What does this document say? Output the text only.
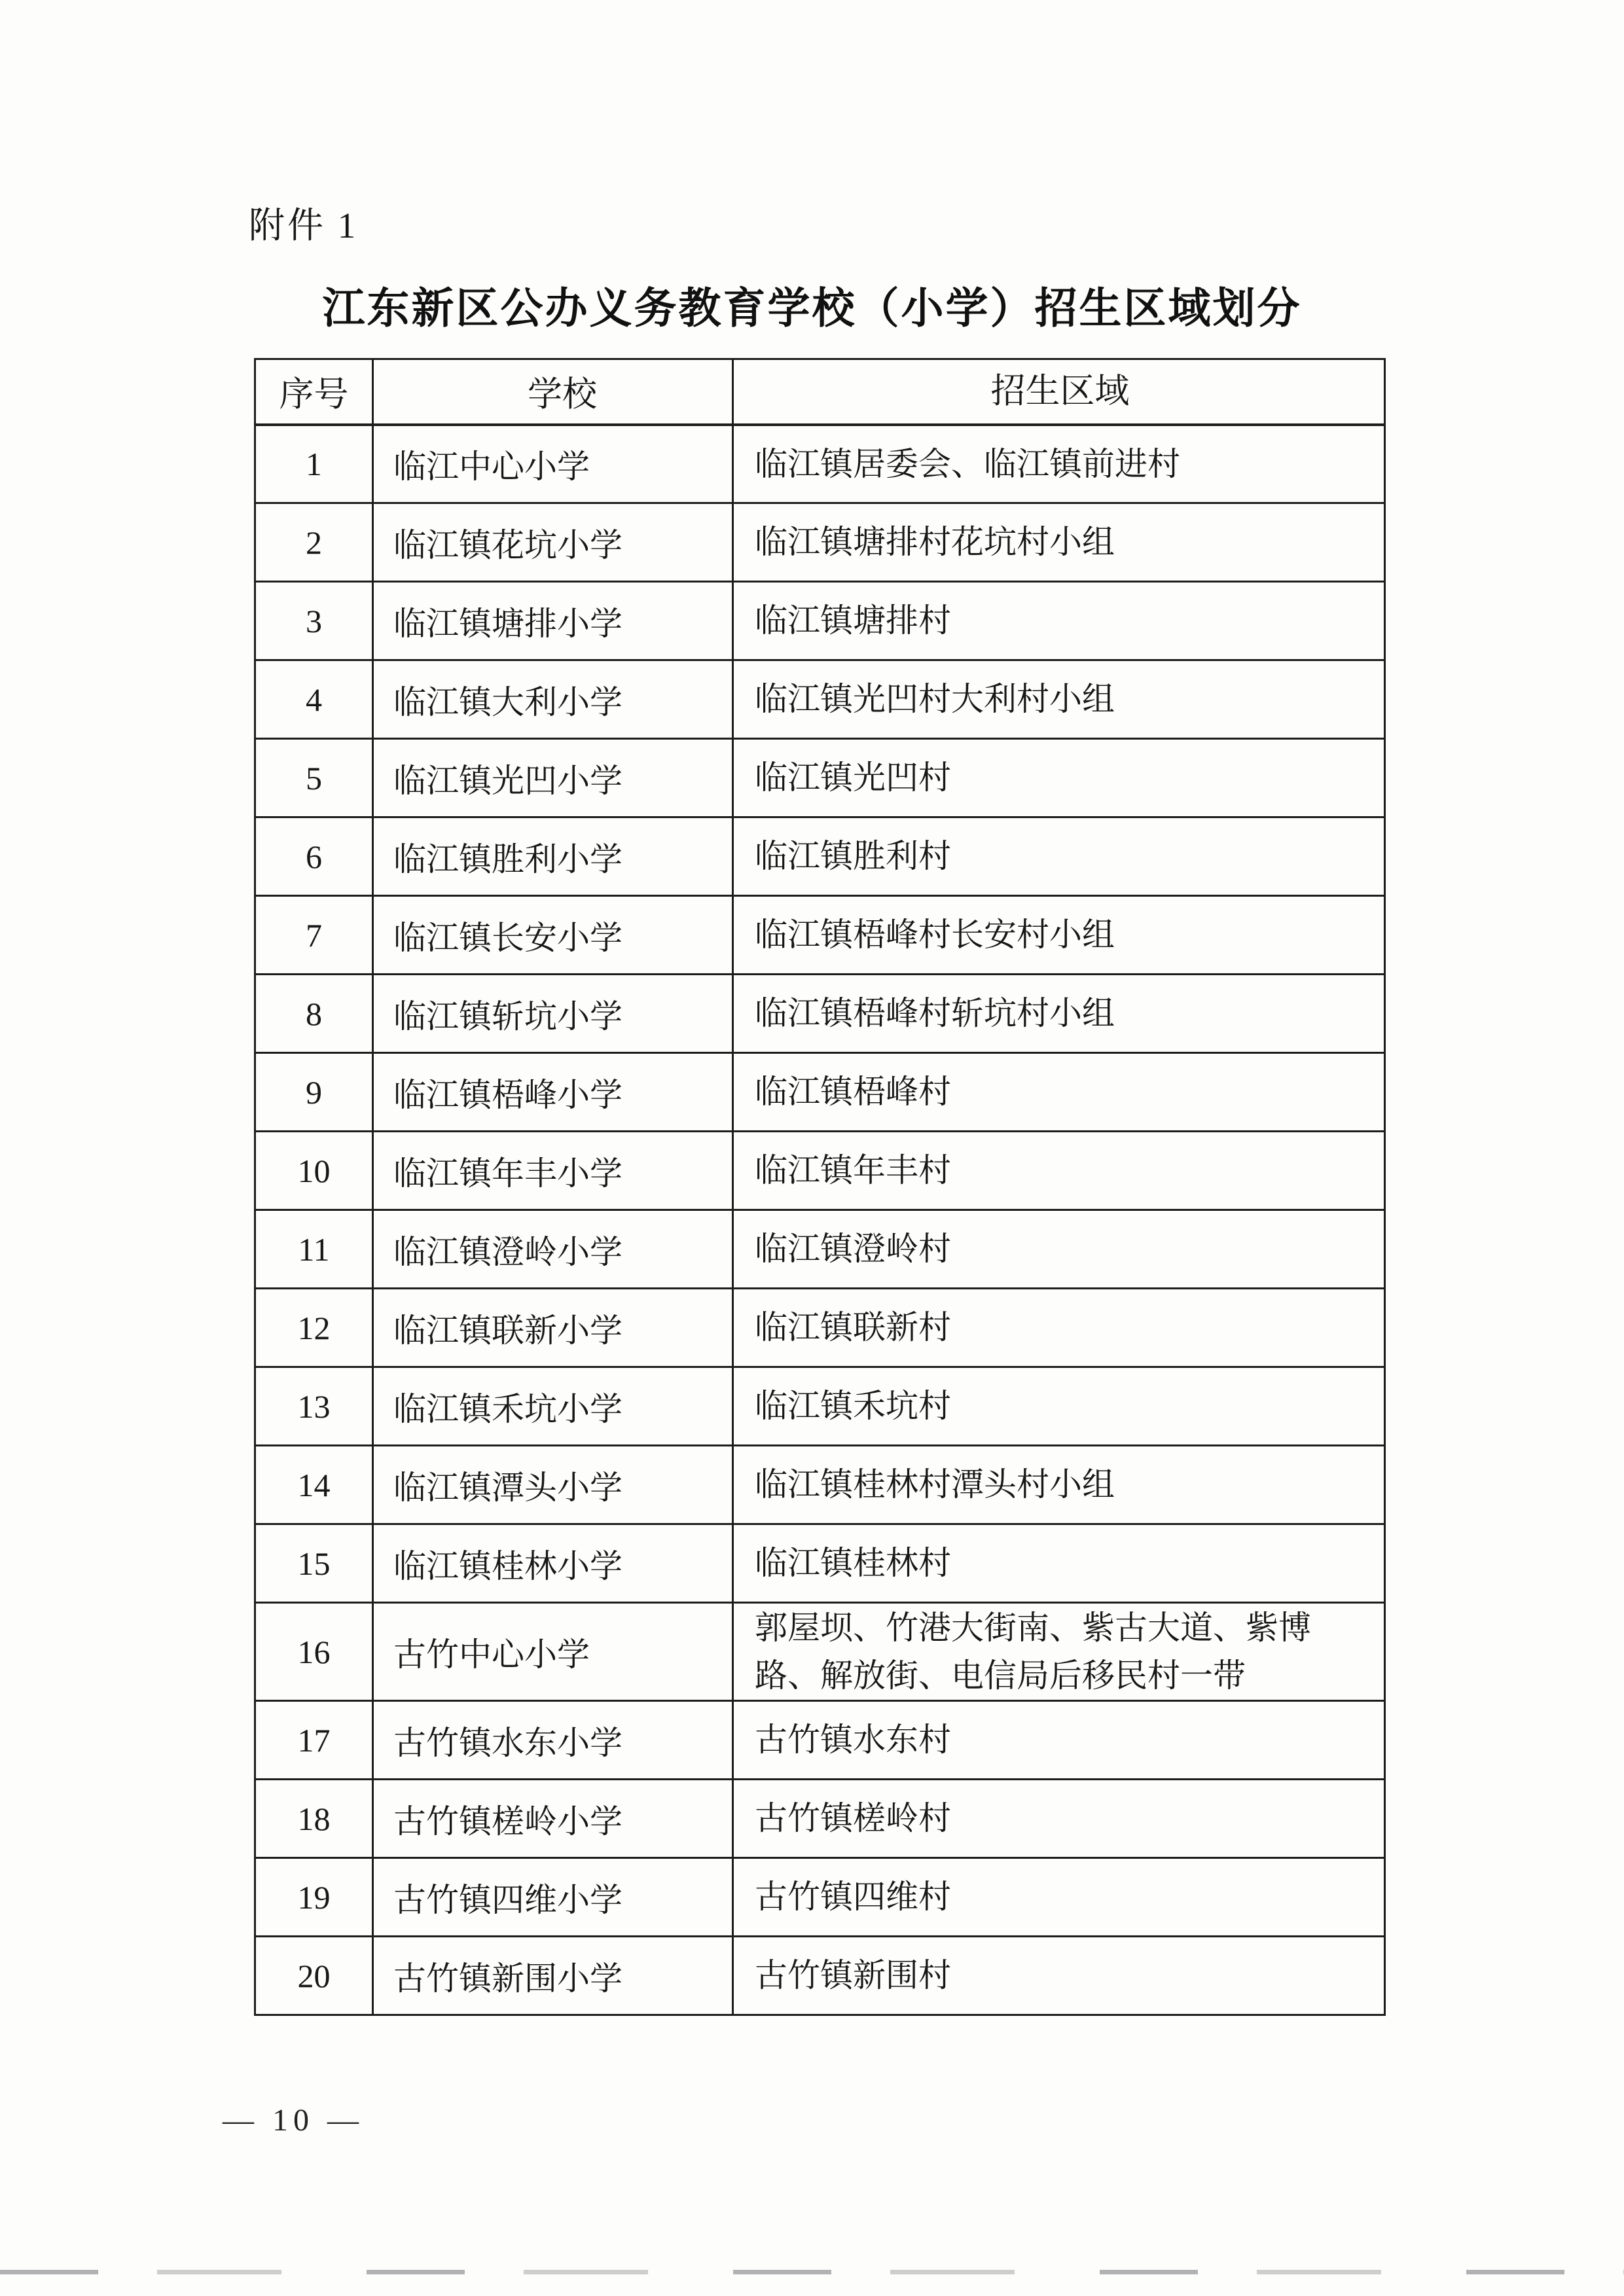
附件 1
江东新区公办义务教育学校（小学）招生区域划分
序号	学校	招生区域
1	临江中心小学	临江镇居委会、临江镇前进村
2	临江镇花坑小学	临江镇塘排村花坑村小组
3	临江镇塘排小学	临江镇塘排村
4	临江镇大利小学	临江镇光凹村大利村小组
5	临江镇光凹小学	临江镇光凹村
6	临江镇胜利小学	临江镇胜利村
7	临江镇长安小学	临江镇梧峰村长安村小组
8	临江镇斩坑小学	临江镇梧峰村斩坑村小组
9	临江镇梧峰小学	临江镇梧峰村
10	临江镇年丰小学	临江镇年丰村
11	临江镇澄岭小学	临江镇澄岭村
12	临江镇联新小学	临江镇联新村
13	临江镇禾坑小学	临江镇禾坑村
14	临江镇潭头小学	临江镇桂林村潭头村小组
15	临江镇桂林小学	临江镇桂林村
16	古竹中心小学	郭屋坝、竹港大街南、紫古大道、紫博路、解放街、电信局后移民村一带
17	古竹镇水东小学	古竹镇水东村
18	古竹镇槎岭小学	古竹镇槎岭村
19	古竹镇四维小学	古竹镇四维村
20	古竹镇新围小学	古竹镇新围村
— 10 —
